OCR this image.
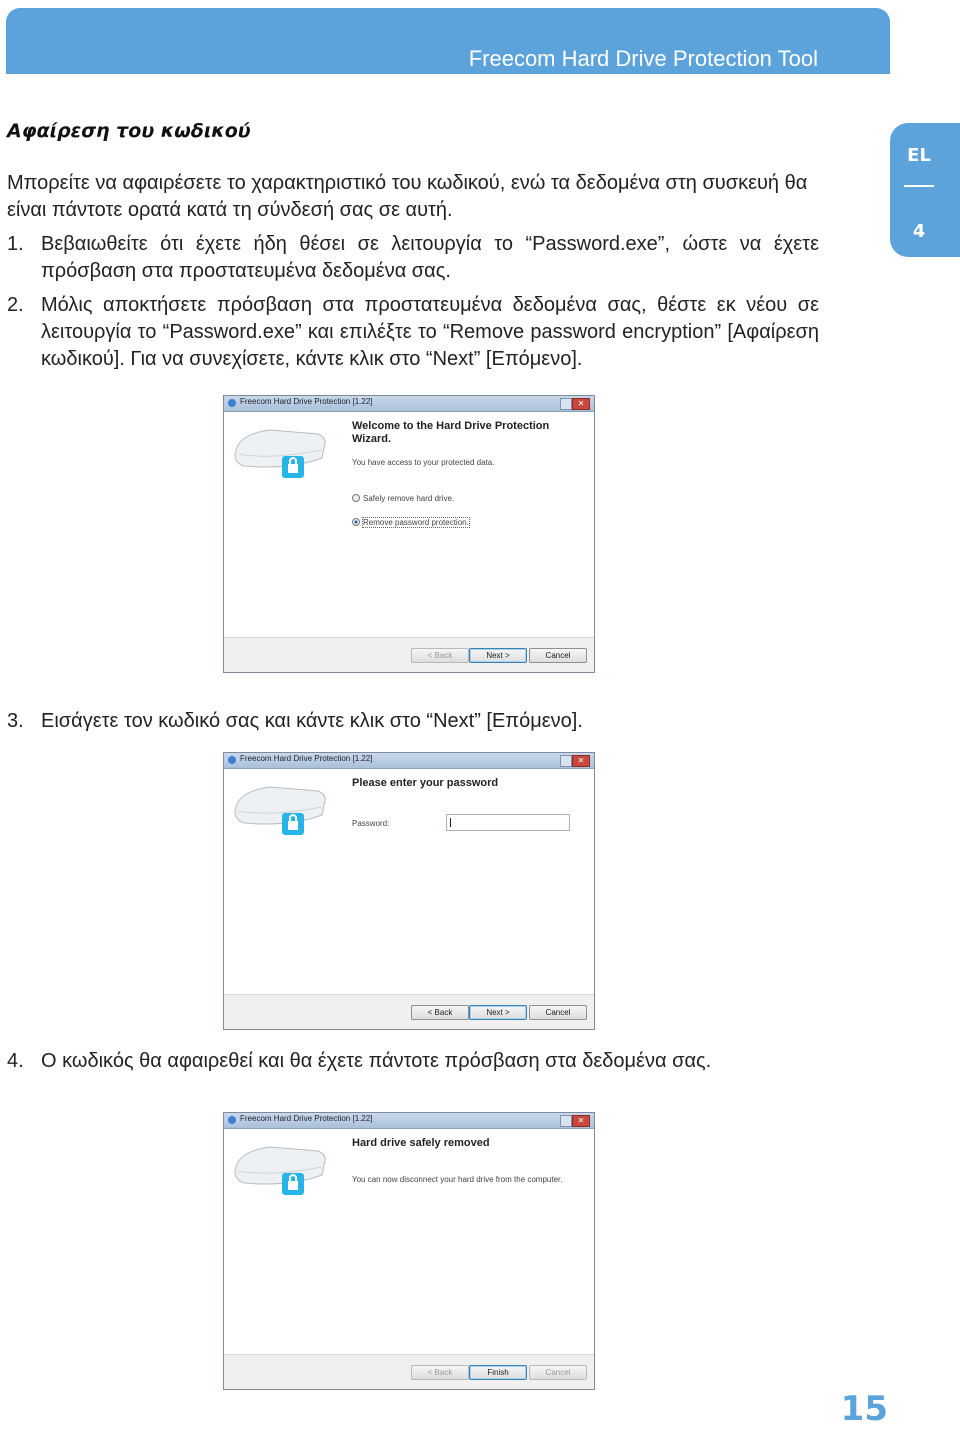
Freecom Hard Drive Protection Tool
EL
4
Αφαίρεση του κωδικού
Μπορείτε να αφαιρέσετε το χαρακτηριστικό του κωδικού, ενώ τα δεδομένα στη συσκευή θα είναι πάντοτε ορατά κατά τη σύνδεσή σας σε αυτή.
1. Βεβαιωθείτε ότι έχετε ήδη θέσει σε λειτουργία το “Password.exe”, ώστε να έχετε πρόσβαση στα προστατευμένα δεδομένα σας.
2. Μόλις αποκτήσετε πρόσβαση στα προστατευμένα δεδομένα σας, θέστε εκ νέου σε λειτουργία το “Password.exe” και επιλέξτε το “Remove password encryption” [Αφαίρεση κωδικού]. Για να συνεχίσετε, κάντε κλικ στο “Next” [Επόμενο].
Freecom Hard Drive Protection [1.22]	✕
Welcome to the Hard Drive Protection Wizard.
You have access to your protected data.
Safely remove hard drive.
Remove password protection.
< Back	Next >	Cancel
3. Εισάγετε τον κωδικό σας και κάντε κλικ στο “Next” [Επόμενο].
Freecom Hard Drive Protection [1.22]	✕
Please enter your password
Password:
< Back	Next >	Cancel
4. Ο κωδικός θα αφαιρεθεί και θα έχετε πάντοτε πρόσβαση στα δεδομένα σας.
Freecom Hard Drive Protection [1.22]	✕
Hard drive safely removed
You can now disconnect your hard drive from the computer.
< Back	Finish	Cancel
15
